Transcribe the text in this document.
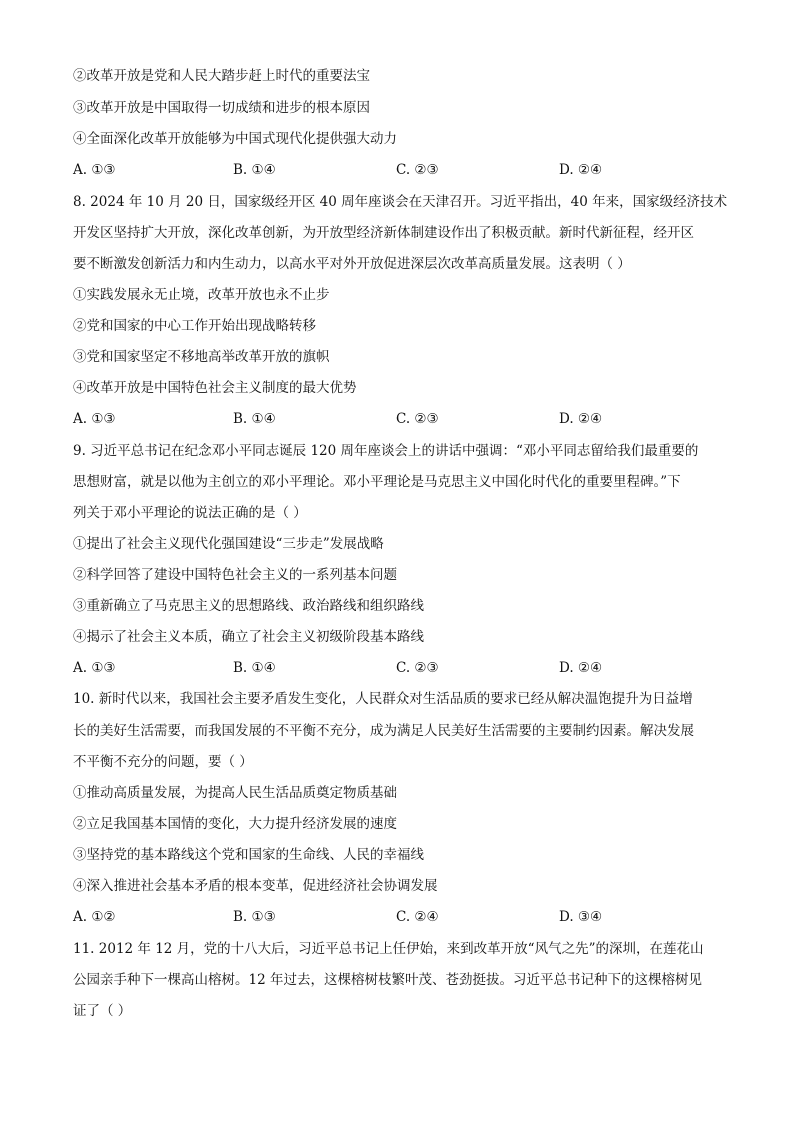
②改革开放是党和人民大踏步赶上时代的重要法宝
③改革开放是中国取得一切成绩和进步的根本原因
④全面深化改革开放能够为中国式现代化提供强大动力
A. ①③	B. ①④	C. ②③	D. ②④
8. 2024 年 10 月 20 日，国家级经开区 40 周年座谈会在天津召开。习近平指出，40 年来，国家级经济技术
开发区坚持扩大开放，深化改革创新，为开放型经济新体制建设作出了积极贡献。新时代新征程，经开区
要不断激发创新活力和内生动力，以高水平对外开放促进深层次改革高质量发展。这表明（ ）
①实践发展永无止境，改革开放也永不止步
②党和国家的中心工作开始出现战略转移
③党和国家坚定不移地高举改革开放的旗帜
④改革开放是中国特色社会主义制度的最大优势
A. ①③	B. ①④	C. ②③	D. ②④
9. 习近平总书记在纪念邓小平同志诞辰 120 周年座谈会上的讲话中强调：“邓小平同志留给我们最重要的
思想财富，就是以他为主创立的邓小平理论。邓小平理论是马克思主义中国化时代化的重要里程碑。”下
列关于邓小平理论的说法正确的是（ ）
①提出了社会主义现代化强国建设“三步走”发展战略
②科学回答了建设中国特色社会主义的一系列基本问题
③重新确立了马克思主义的思想路线、政治路线和组织路线
④揭示了社会主义本质，确立了社会主义初级阶段基本路线
A. ①③	B. ①④	C. ②③	D. ②④
10. 新时代以来，我国社会主要矛盾发生变化，人民群众对生活品质的要求已经从解决温饱提升为日益增
长的美好生活需要，而我国发展的不平衡不充分，成为满足人民美好生活需要的主要制约因素。解决发展
不平衡不充分的问题，要（ ）
①推动高质量发展，为提高人民生活品质奠定物质基础
②立足我国基本国情的变化，大力提升经济发展的速度
③坚持党的基本路线这个党和国家的生命线、人民的幸福线
④深入推进社会基本矛盾的根本变革，促进经济社会协调发展
A. ①②	B. ①③	C. ②④	D. ③④
11. 2012 年 12 月，党的十八大后，习近平总书记上任伊始，来到改革开放“风气之先”的深圳，在莲花山
公园亲手种下一棵高山榕树。12 年过去，这棵榕树枝繁叶茂、苍劲挺拔。习近平总书记种下的这棵榕树见
证了（ ）
